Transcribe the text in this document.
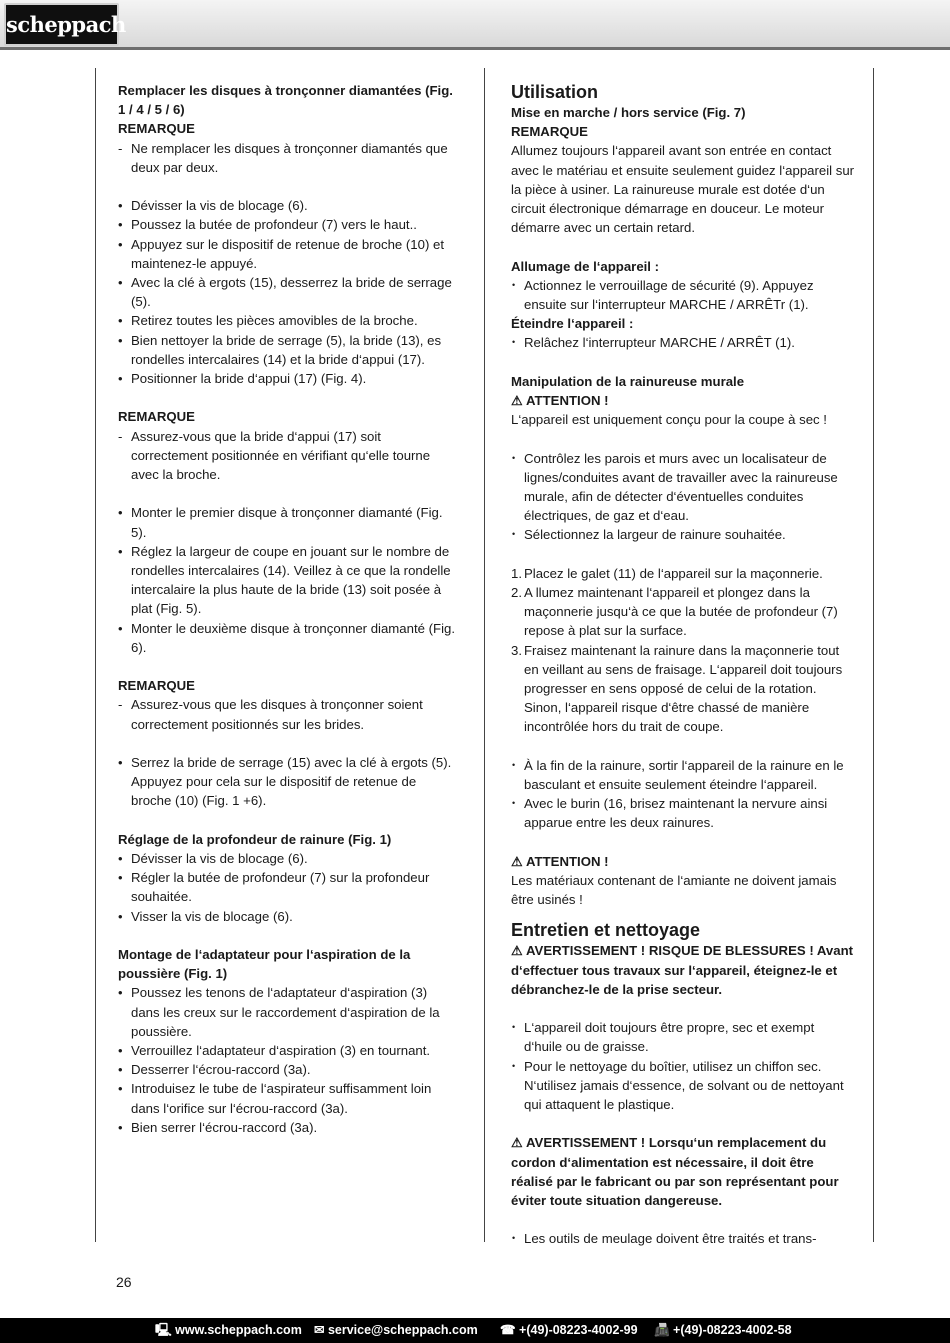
scheppach

Remplacer les disques à tronçonner diamantées (Fig. 1 / 4 / 5 / 6)

REMARQUE

- Ne remplacer les disques à tronçonner diamantés que deux par deux.
• Dévisser la vis de blocage (6).
• Poussez la butée de profondeur (7) vers le haut..
• Appuyez sur le dispositif de retenue de broche (10) et maintenez-le appuyé.
• Avec la clé à ergots (15), desserrez la bride de serrage (5).
• Retirez toutes les pièces amovibles de la broche.
• Bien nettoyer la bride de serrage (5), la bride (13), es rondelles intercalaires (14) et la bride d‘appui (17).
• Positionner la bride d‘appui (17) (Fig. 4).

REMARQUE

- Assurez-vous que la bride d‘appui (17) soit correctement positionnée en vérifiant qu‘elle tourne avec la broche.
• Monter le premier disque à tronçonner diamanté (Fig. 5).
• Réglez la largeur de coupe en jouant sur le nombre de rondelles intercalaires (14). Veillez à ce que la rondelle intercalaire la plus haute de la bride (13) soit posée à plat (Fig. 5).
• Monter le deuxième disque à tronçonner diamanté (Fig. 6).

REMARQUE

- Assurez-vous que les disques à tronçonner soient correctement positionnés sur les brides.
• Serrez la bride de serrage (15) avec la clé à ergots (5). Appuyez pour cela sur le dispositif de retenue de broche (10) (Fig. 1 +6).

Réglage de la profondeur de rainure (Fig. 1)

• Dévisser la vis de blocage (6).
• Régler la butée de profondeur (7) sur la profondeur souhaitée.
• Visser la vis de blocage (6).

Montage de l‘adaptateur pour l‘aspiration de la poussière (Fig. 1)

• Poussez les tenons de l‘adaptateur d‘aspiration (3) dans les creux sur le raccordement d‘aspiration de la poussière.
• Verrouillez l‘adaptateur d‘aspiration (3) en tournant.
• Desserrer l‘écrou-raccord (3a).
• Introduisez le tube de l‘aspirateur suffisamment loin dans l‘orifice sur l‘écrou-raccord (3a).
• Bien serrer l‘écrou-raccord (3a).

Utilisation

Mise en marche / hors service (Fig. 7)

REMARQUE

Allumez toujours l‘appareil avant son entrée en contact avec le matériau et ensuite seulement guidez l‘appareil sur la pièce à usiner. La rainureuse murale est dotée d‘un circuit électronique démarrage en douceur. Le moteur démarre avec un certain retard.

Allumage de l‘appareil :

• Actionnez le verrouillage de sécurité (9). Appuyez ensuite sur l‘interrupteur MARCHE / ARRÊTr (1).

Éteindre l‘appareil :

• Relâchez l‘interrupteur MARCHE / ARRÊT (1).

Manipulation de la rainureuse murale

⚠ ATTENTION !

L‘appareil est uniquement conçu pour la coupe à sec !

• Contrôlez les parois et murs avec un localisateur de lignes/conduites avant de travailler avec la rainureuse murale, afin de détecter d‘éventuelles conduites électriques, de gaz et d‘eau.
• Sélectionnez la largeur de rainure souhaitée.
1. Placez le galet (11) de l‘appareil sur la maçonnerie.
2. A llumez maintenant l‘appareil et plongez dans la maçonnerie jusqu‘à ce que la butée de profondeur (7) repose à plat sur la surface.
3. Fraisez maintenant la rainure dans la maçonnerie tout en veillant au sens de fraisage. L‘appareil doit toujours progresser en sens opposé de celui de la rotation. Sinon, l‘appareil risque d‘être chassé de manière incontrôlée hors du trait de coupe.
• À la fin de la rainure, sortir l‘appareil de la rainure en le basculant et ensuite seulement éteindre l‘appareil.
• Avec le burin (16, brisez maintenant la nervure ainsi apparue entre les deux rainures.

⚠ ATTENTION !

Les matériaux contenant de l‘amiante ne doivent jamais être usinés !

Entretien et nettoyage

⚠ AVERTISSEMENT ! RISQUE DE BLESSURES ! Avant d‘effectuer tous travaux sur l‘appareil, éteignez-le et débranchez-le de la prise secteur.

• L‘appareil doit toujours être propre, sec et exempt d‘huile ou de graisse.
• Pour le nettoyage du boîtier, utilisez un chiffon sec. N‘utilisez jamais d‘essence, de solvant ou de nettoyant qui attaquent le plastique.

⚠ AVERTISSEMENT ! Lorsqu‘un remplacement du cordon d‘alimentation est nécessaire, il doit être réalisé par le fabricant ou par son représentant pour éviter toute situation dangereuse.

• Les outils de meulage doivent être traités et trans-
26
🖳 www.scheppach.com ✉ service@scheppach.com ☎ +(49)-08223-4002-99 📠 +(49)-08223-4002-58
